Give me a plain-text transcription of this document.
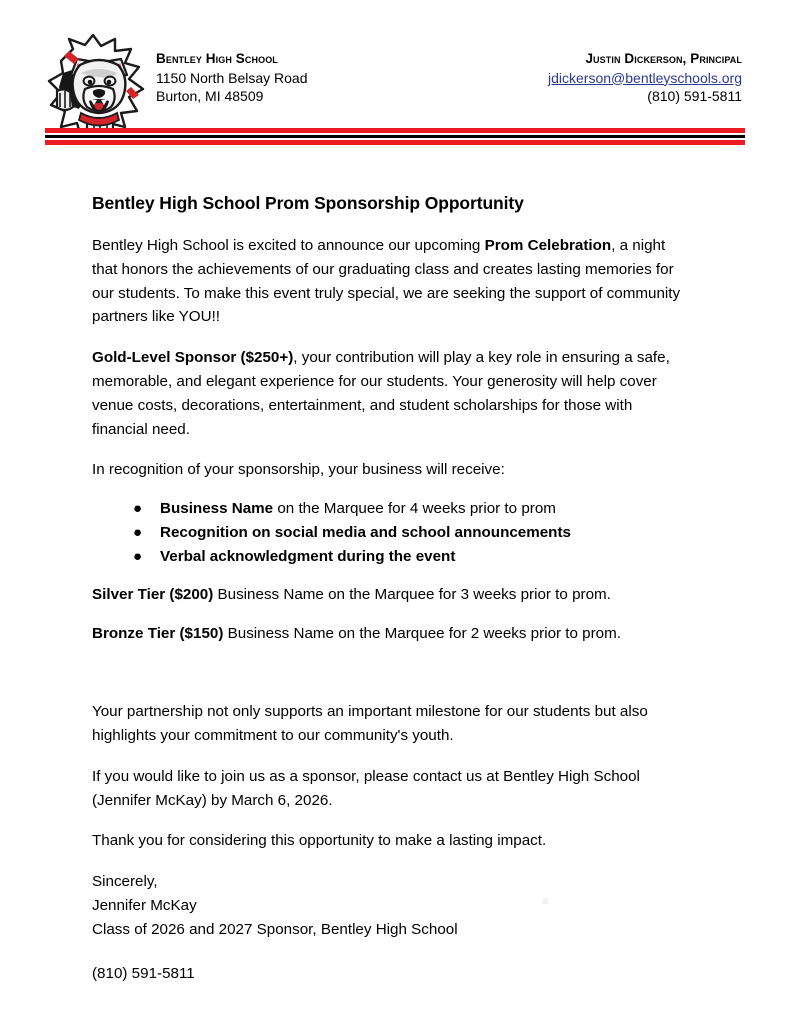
Bentley High School
1150 North Belsay Road
Burton, MI 48509
Justin Dickerson, Principal
jdickerson@bentleyschools.org
(810) 591-5811
Bentley High School Prom Sponsorship Opportunity

Bentley High School is excited to announce our upcoming Prom Celebration, a night that honors the achievements of our graduating class and creates lasting memories for our students. To make this event truly special, we are seeking the support of community partners like YOU!!

Gold-Level Sponsor ($250+), your contribution will play a key role in ensuring a safe, memorable, and elegant experience for our students. Your generosity will help cover venue costs, decorations, entertainment, and student scholarships for those with financial need.

In recognition of your sponsorship, your business will receive:

● Business Name on the Marquee for 4 weeks prior to prom
● Recognition on social media and school announcements
● Verbal acknowledgment during the event

Silver Tier ($200) Business Name on the Marquee for 3 weeks prior to prom.

Bronze Tier ($150) Business Name on the Marquee for 2 weeks prior to prom.

Your partnership not only supports an important milestone for our students but also highlights your commitment to our community's youth.

If you would like to join us as a sponsor, please contact us at Bentley High School (Jennifer McKay) by March 6, 2026.

Thank you for considering this opportunity to make a lasting impact.

Sincerely,
Jennifer McKay
Class of 2026 and 2027 Sponsor, Bentley High School
(810) 591-5811
